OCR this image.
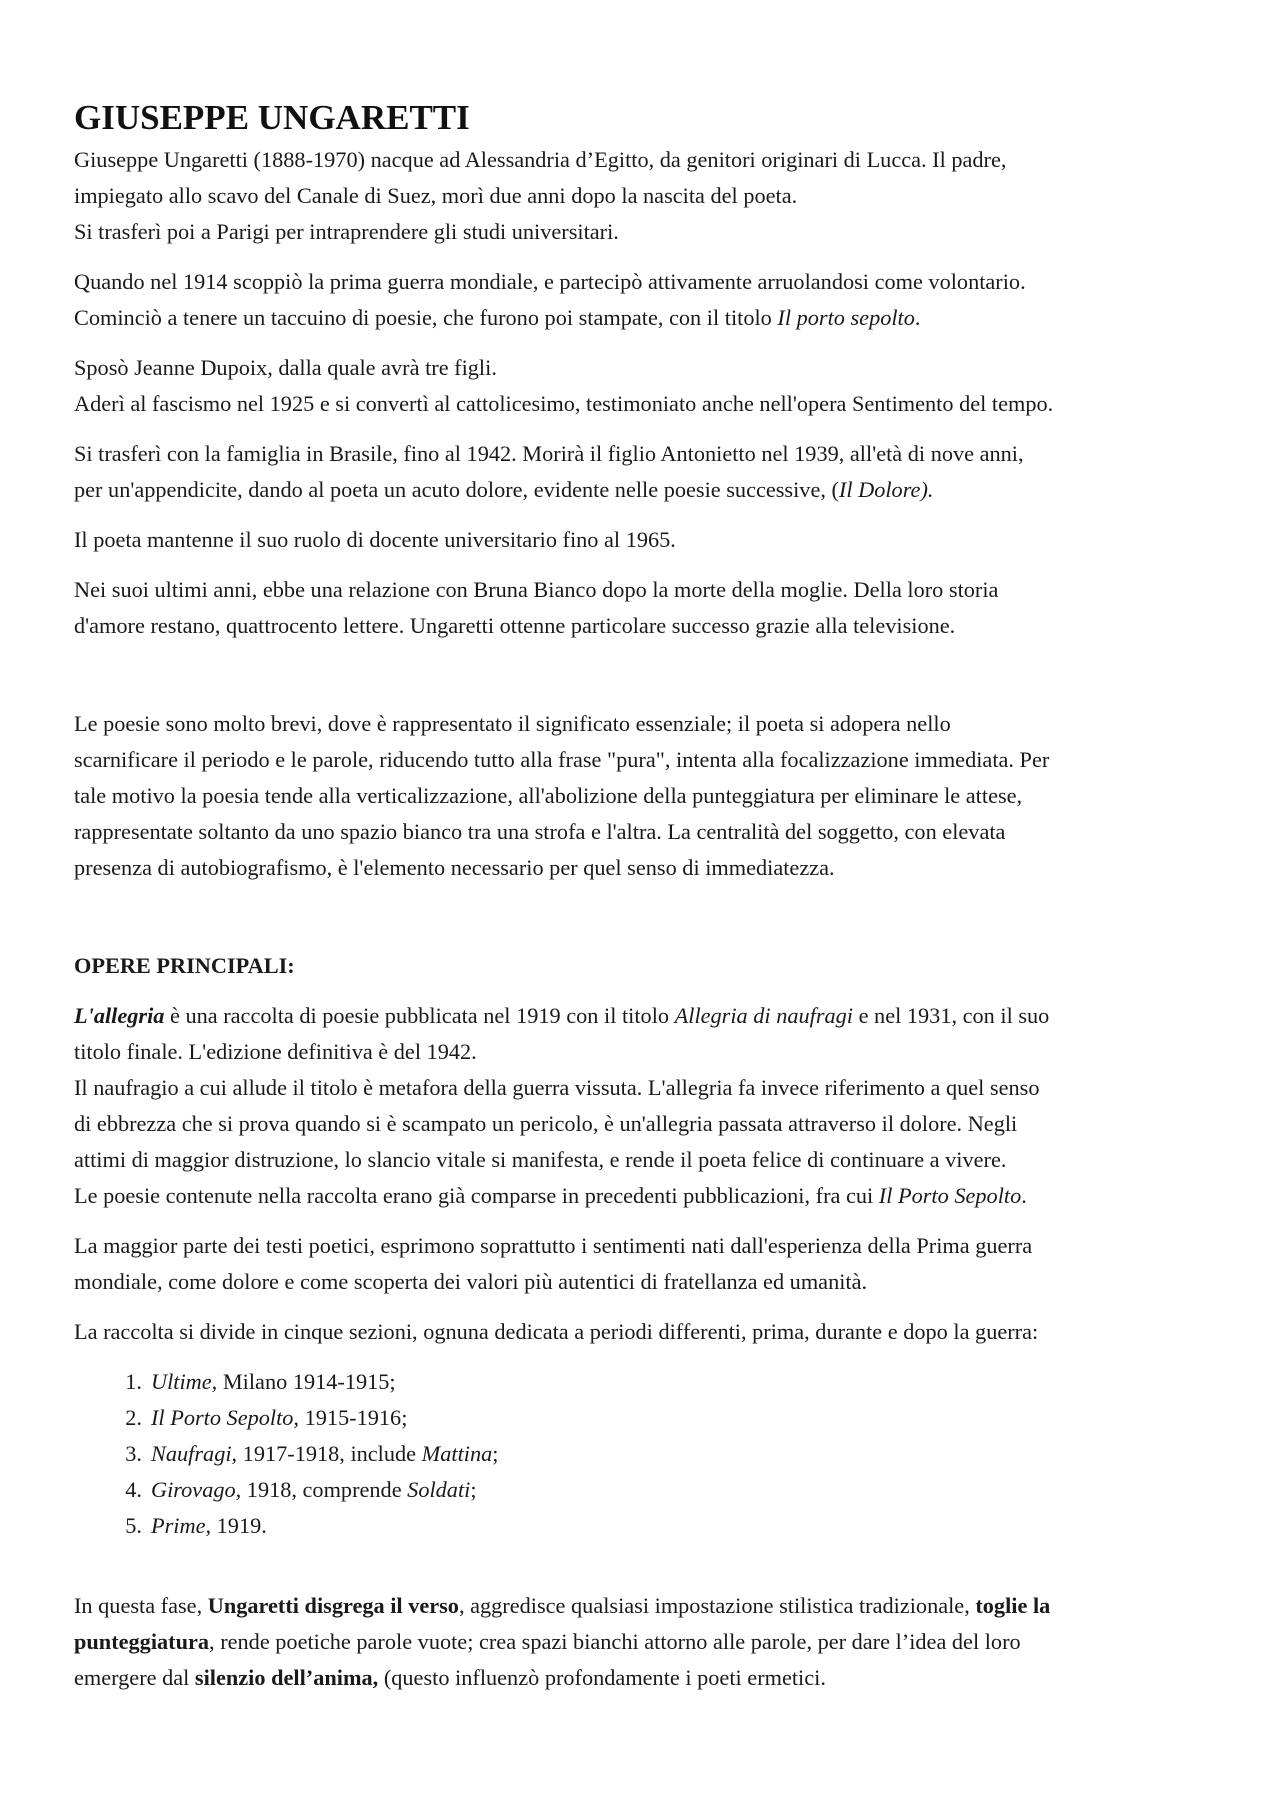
GIUSEPPE UNGARETTI

Giuseppe Ungaretti (1888-1970) nacque ad Alessandria d’Egitto, da genitori originari di Lucca. Il padre,
impiegato allo scavo del Canale di Suez, morì due anni dopo la nascita del poeta.
Si trasferì poi a Parigi per intraprendere gli studi universitari.

Quando nel 1914 scoppiò la prima guerra mondiale, e partecipò attivamente arruolandosi come volontario.
Cominciò a tenere un taccuino di poesie, che furono poi stampate, con il titolo Il porto sepolto.

Sposò Jeanne Dupoix, dalla quale avrà tre figli.
Aderì al fascismo nel 1925 e si convertì al cattolicesimo, testimoniato anche nell'opera Sentimento del tempo.

Si trasferì con la famiglia in Brasile, fino al 1942. Morirà il figlio Antonietto nel 1939, all'età di nove anni,
per un'appendicite, dando al poeta un acuto dolore, evidente nelle poesie successive, (Il Dolore).

Il poeta mantenne il suo ruolo di docente universitario fino al 1965.

Nei suoi ultimi anni, ebbe una relazione con Bruna Bianco dopo la morte della moglie. Della loro storia
d'amore restano, quattrocento lettere. Ungaretti ottenne particolare successo grazie alla televisione.

Le poesie sono molto brevi, dove è rappresentato il significato essenziale; il poeta si adopera nello
scarnificare il periodo e le parole, riducendo tutto alla frase "pura", intenta alla focalizzazione immediata. Per
tale motivo la poesia tende alla verticalizzazione, all'abolizione della punteggiatura per eliminare le attese,
rappresentate soltanto da uno spazio bianco tra una strofa e l'altra. La centralità del soggetto, con elevata
presenza di autobiografismo, è l'elemento necessario per quel senso di immediatezza.

OPERE PRINCIPALI:

L'allegria è una raccolta di poesie pubblicata nel 1919 con il titolo Allegria di naufragi e nel 1931, con il suo
titolo finale. L'edizione definitiva è del 1942.
Il naufragio a cui allude il titolo è metafora della guerra vissuta. L'allegria fa invece riferimento a quel senso
di ebbrezza che si prova quando si è scampato un pericolo, è un'allegria passata attraverso il dolore. Negli
attimi di maggior distruzione, lo slancio vitale si manifesta, e rende il poeta felice di continuare a vivere.
Le poesie contenute nella raccolta erano già comparse in precedenti pubblicazioni, fra cui Il Porto Sepolto.

La maggior parte dei testi poetici, esprimono soprattutto i sentimenti nati dall'esperienza della Prima guerra
mondiale, come dolore e come scoperta dei valori più autentici di fratellanza ed umanità.

La raccolta si divide in cinque sezioni, ognuna dedicata a periodi differenti, prima, durante e dopo la guerra:

1. Ultime, Milano 1914-1915;
2. Il Porto Sepolto, 1915-1916;
3. Naufragi, 1917-1918, include Mattina;
4. Girovago, 1918, comprende Soldati;
5. Prime, 1919.

In questa fase, Ungaretti disgrega il verso, aggredisce qualsiasi impostazione stilistica tradizionale, toglie la
punteggiatura, rende poetiche parole vuote; crea spazi bianchi attorno alle parole, per dare l’idea del loro
emergere dal silenzio dell’anima, (questo influenzò profondamente i poeti ermetici.
